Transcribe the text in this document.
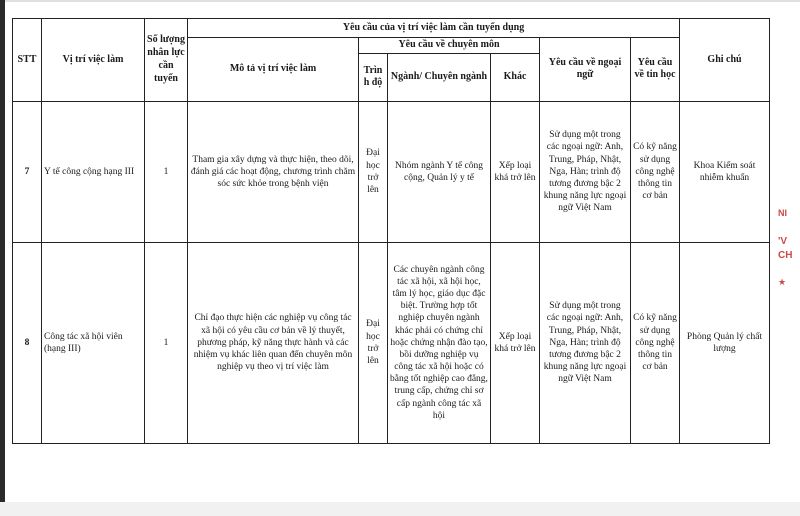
STT	Vị trí việc làm	Số lượng nhân lực cần tuyển	Yêu cầu của vị trí việc làm cần tuyển dụng						Ghi chú
			Mô tả vị trí việc làm	Yêu cầu về chuyên môn			Yêu cầu về ngoại ngữ	Yêu cầu về tin học	
				Trình độ	Ngành/ Chuyên ngành	Khác			
7	Y tế công cộng hạng III	1	Tham gia xây dựng và thực hiện, theo dõi, đánh giá các hoạt động, chương trình chăm sóc sức khỏe trong bệnh viện	Đại học trở lên	Nhóm ngành Y tế công cộng, Quản lý y tế	Xếp loại khá trở lên	Sử dụng một trong các ngoại ngữ: Anh, Trung, Pháp, Nhật, Nga, Hàn; trình độ tương đương bậc 2 khung năng lực ngoại ngữ Việt Nam	Có kỹ năng sử dụng công nghệ thông tin cơ bản	Khoa Kiểm soát nhiễm khuẩn
8	Công tác xã hội viên (hạng III)	1	Chỉ đạo thực hiện các nghiệp vụ công tác xã hội có yêu cầu cơ bản về lý thuyết, phương pháp, kỹ năng thực hành và các nhiệm vụ khác liên quan đến chuyên môn nghiệp vụ theo vị trí việc làm	Đại học trở lên	Các chuyên ngành công tác xã hội, xã hội học, tâm lý học, giáo dục đặc biệt. Trường hợp tốt nghiệp chuyên ngành khác phải có chứng chỉ hoặc chứng nhận đào tạo, bồi dưỡng nghiệp vụ công tác xã hội hoặc có bằng tốt nghiệp cao đẳng, trung cấp, chứng chỉ sơ cấp ngành công tác xã hội	Xếp loại khá trở lên	Sử dụng một trong các ngoại ngữ: Anh, Trung, Pháp, Nhật, Nga, Hàn; trình độ tương đương bậc 2 khung năng lực ngoại ngữ Việt Nam	Có kỹ năng sử dụng công nghệ thông tin cơ bản	Phòng Quản lý chất lượng
NI
'V
CH
★
